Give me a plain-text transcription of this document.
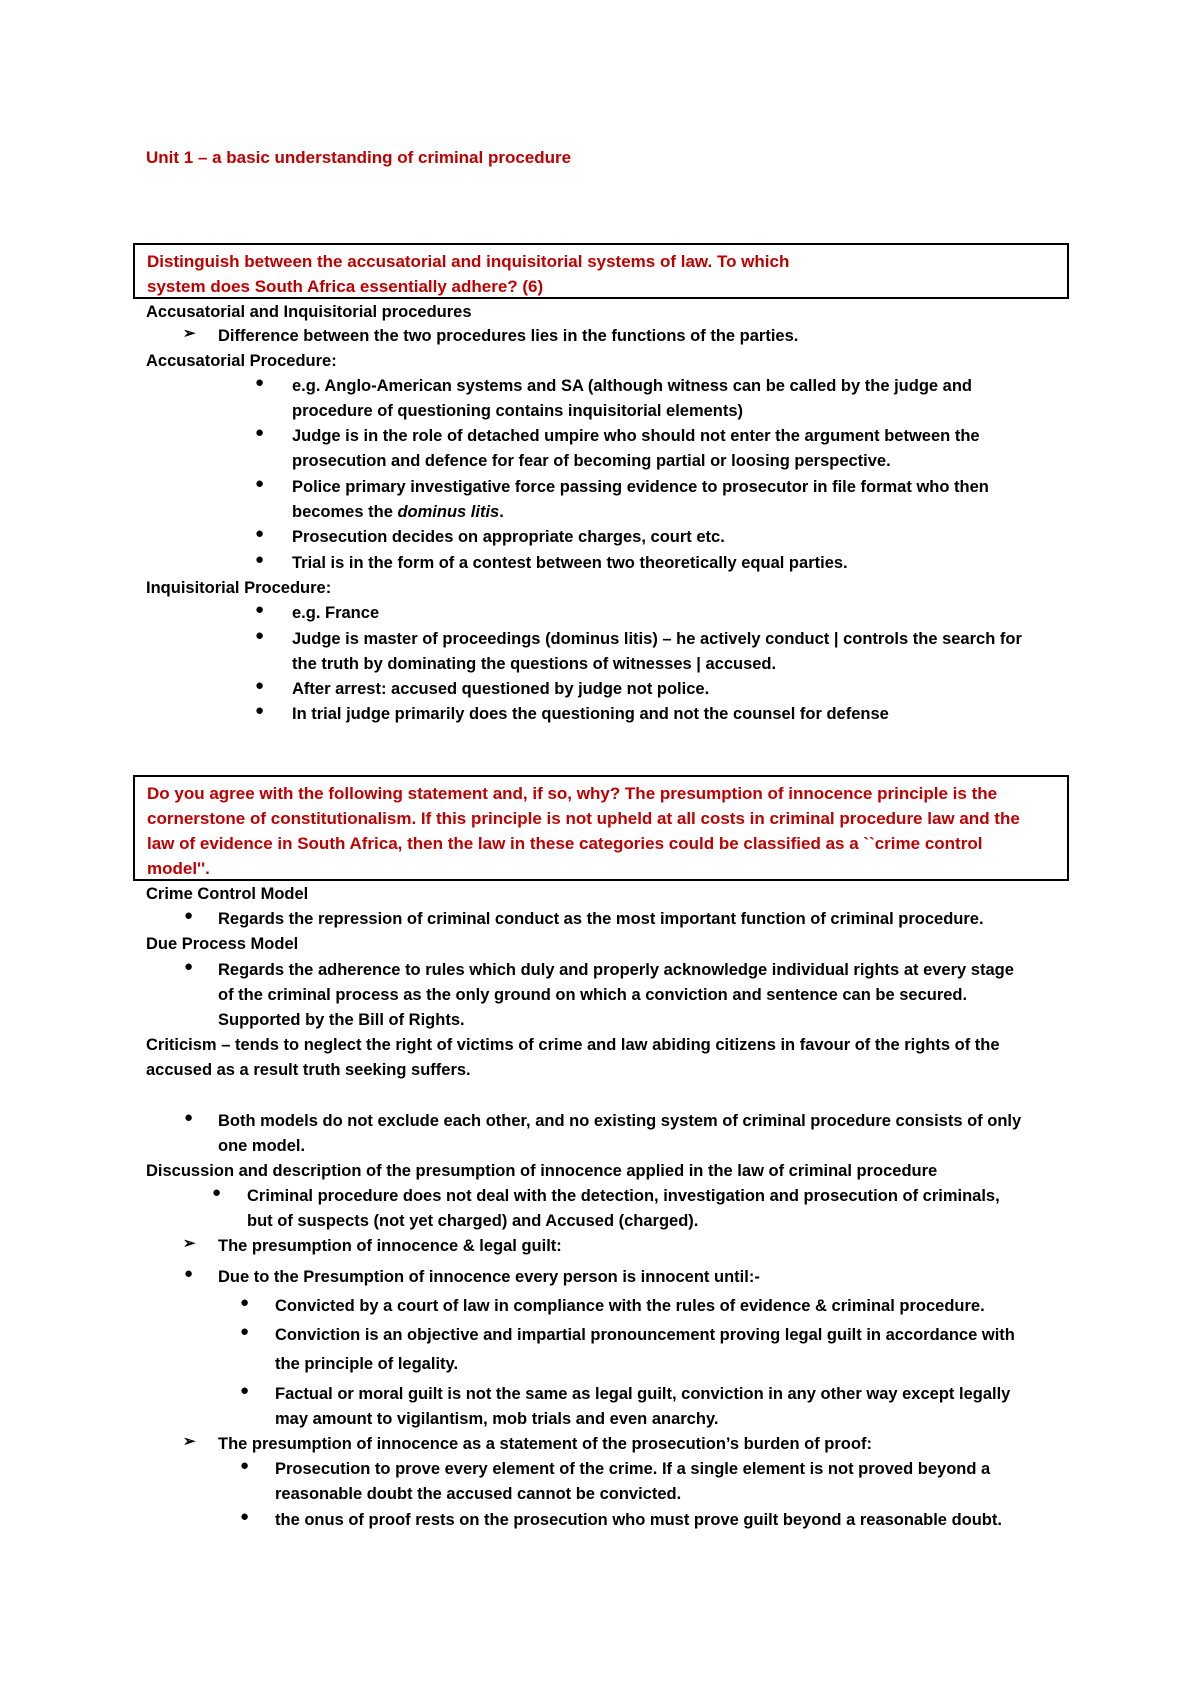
Unit 1 – a basic understanding of criminal procedure
Distinguish between the accusatorial and inquisitorial systems of law. To which
system does South Africa essentially adhere? (6)
Accusatorial and Inquisitorial procedures
➢ Difference between the two procedures lies in the functions of the parties.
Accusatorial Procedure:
● e.g. Anglo-American systems and SA (although witness can be called by the judge and
procedure of questioning contains inquisitorial elements)
● Judge is in the role of detached umpire who should not enter the argument between the
prosecution and defence for fear of becoming partial or loosing perspective.
● Police primary investigative force passing evidence to prosecutor in file format who then
becomes the dominus litis.
● Prosecution decides on appropriate charges, court etc.
● Trial is in the form of a contest between two theoretically equal parties.
Inquisitorial Procedure:
● e.g. France
● Judge is master of proceedings (dominus litis) – he actively conduct | controls the search for
the truth by dominating the questions of witnesses | accused.
● After arrest: accused questioned by judge not police.
● In trial judge primarily does the questioning and not the counsel for defense
Do you agree with the following statement and, if so, why? The presumption of innocence principle is the
cornerstone of constitutionalism. If this principle is not upheld at all costs in criminal procedure law and the
law of evidence in South Africa, then the law in these categories could be classified as a ``crime control
model''.
Crime Control Model
● Regards the repression of criminal conduct as the most important function of criminal procedure.
Due Process Model
● Regards the adherence to rules which duly and properly acknowledge individual rights at every stage
of the criminal process as the only ground on which a conviction and sentence can be secured.
Supported by the Bill of Rights.
Criticism – tends to neglect the right of victims of crime and law abiding citizens in favour of the rights of the
accused as a result truth seeking suffers.
● Both models do not exclude each other, and no existing system of criminal procedure consists of only
one model.
Discussion and description of the presumption of innocence applied in the law of criminal procedure
● Criminal procedure does not deal with the detection, investigation and prosecution of criminals,
but of suspects (not yet charged) and Accused (charged).
➢ The presumption of innocence & legal guilt:
● Due to the Presumption of innocence every person is innocent until:-
● Convicted by a court of law in compliance with the rules of evidence & criminal procedure.
● Conviction is an objective and impartial pronouncement proving legal guilt in accordance with
the principle of legality.
● Factual or moral guilt is not the same as legal guilt, conviction in any other way except legally
may amount to vigilantism, mob trials and even anarchy.
➢ The presumption of innocence as a statement of the prosecution’s burden of proof:
● Prosecution to prove every element of the crime. If a single element is not proved beyond a
reasonable doubt the accused cannot be convicted.
● the onus of proof rests on the prosecution who must prove guilt beyond a reasonable doubt.
